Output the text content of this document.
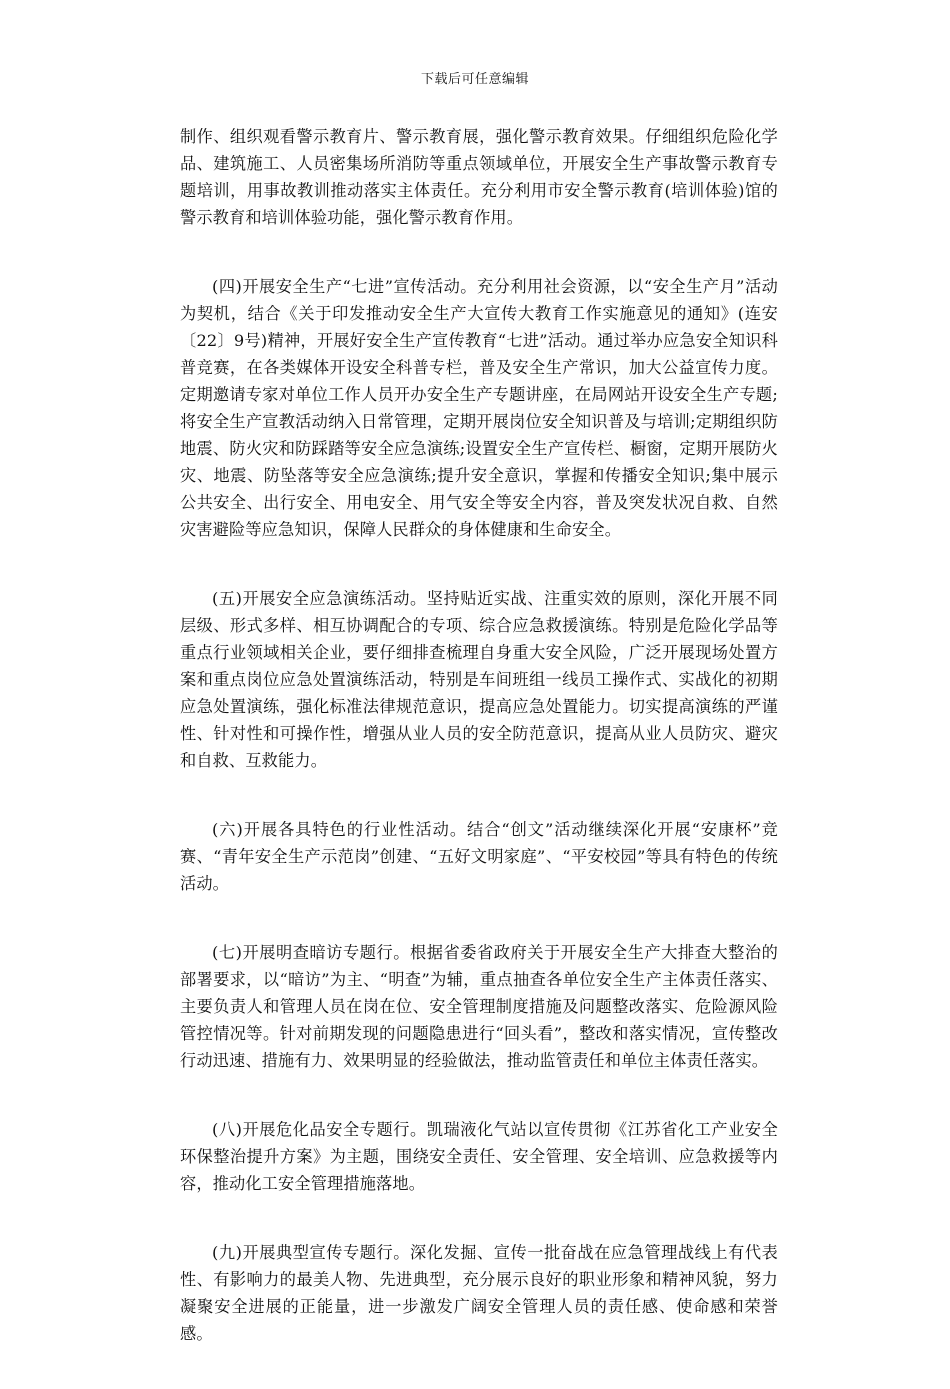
下载后可任意编辑

制作、组织观看警示教育片、警示教育展，强化警示教育效果。仔细组织危险化学品、建筑施工、人员密集场所消防等重点领域单位，开展安全生产事故警示教育专题培训，用事故教训推动落实主体责任。充分利用市安全警示教育(培训体验)馆的警示教育和培训体验功能，强化警示教育作用。

(四)开展安全生产“七进”宣传活动。充分利用社会资源，以“安全生产月”活动为契机，结合《关于印发推动安全生产大宣传大教育工作实施意见的通知》(连安〔22〕9号)精神，开展好安全生产宣传教育“七进”活动。通过举办应急安全知识科普竞赛，在各类媒体开设安全科普专栏，普及安全生产常识，加大公益宣传力度。定期邀请专家对单位工作人员开办安全生产专题讲座，在局网站开设安全生产专题;将安全生产宣教活动纳入日常管理，定期开展岗位安全知识普及与培训;定期组织防地震、防火灾和防踩踏等安全应急演练;设置安全生产宣传栏、橱窗，定期开展防火灾、地震、防坠落等安全应急演练;提升安全意识，掌握和传播安全知识;集中展示公共安全、出行安全、用电安全、用气安全等安全内容，普及突发状况自救、自然灾害避险等应急知识，保障人民群众的身体健康和生命安全。

(五)开展安全应急演练活动。坚持贴近实战、注重实效的原则，深化开展不同层级、形式多样、相互协调配合的专项、综合应急救援演练。特别是危险化学品等重点行业领域相关企业，要仔细排查梳理自身重大安全风险，广泛开展现场处置方案和重点岗位应急处置演练活动，特别是车间班组一线员工操作式、实战化的初期应急处置演练，强化标准法律规范意识，提高应急处置能力。切实提高演练的严谨性、针对性和可操作性，增强从业人员的安全防范意识，提高从业人员防灾、避灾和自救、互救能力。

(六)开展各具特色的行业性活动。结合“创文”活动继续深化开展“安康杯”竞赛、“青年安全生产示范岗”创建、“五好文明家庭”、“平安校园”等具有特色的传统活动。

(七)开展明查暗访专题行。根据省委省政府关于开展安全生产大排查大整治的部署要求，以“暗访”为主、“明查”为辅，重点抽查各单位安全生产主体责任落实、主要负责人和管理人员在岗在位、安全管理制度措施及问题整改落实、危险源风险管控情况等。针对前期发现的问题隐患进行“回头看”，整改和落实情况，宣传整改行动迅速、措施有力、效果明显的经验做法，推动监管责任和单位主体责任落实。

(八)开展危化品安全专题行。凯瑞液化气站以宣传贯彻《江苏省化工产业安全环保整治提升方案》为主题，围绕安全责任、安全管理、安全培训、应急救援等内容，推动化工安全管理措施落地。

(九)开展典型宣传专题行。深化发掘、宣传一批奋战在应急管理战线上有代表性、有影响力的最美人物、先进典型，充分展示良好的职业形象和精神风貌，努力凝聚安全进展的正能量，进一步激发广阔安全管理人员的责任感、使命感和荣誉感。
